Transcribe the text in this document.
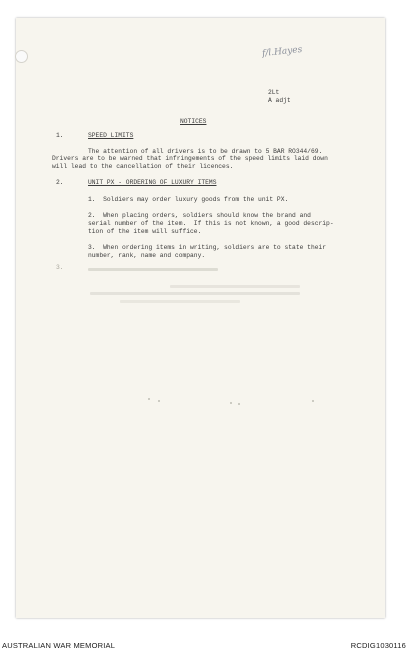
f/l.Hayes
2Lt
A adjt
NOTICES
1.	SPEED LIMITS
The attention of all drivers is to be drawn to 5 BAR RO344/69.
Drivers are to be warned that infringements of the speed limits laid down
will lead to the cancellation of their licences.
2.	UNIT PX - ORDERING OF LUXURY ITEMS
1.  Soldiers may order luxury goods from the unit PX.
2.  When placing orders, soldiers should know the brand and
serial number of the item.  If this is not known, a good descrip-
tion of the item will suffice.
3.  When ordering items in writing, soldiers are to state their
number, rank, name and company.
3.
AUSTRALIAN WAR MEMORIAL	RCDIG1030116
